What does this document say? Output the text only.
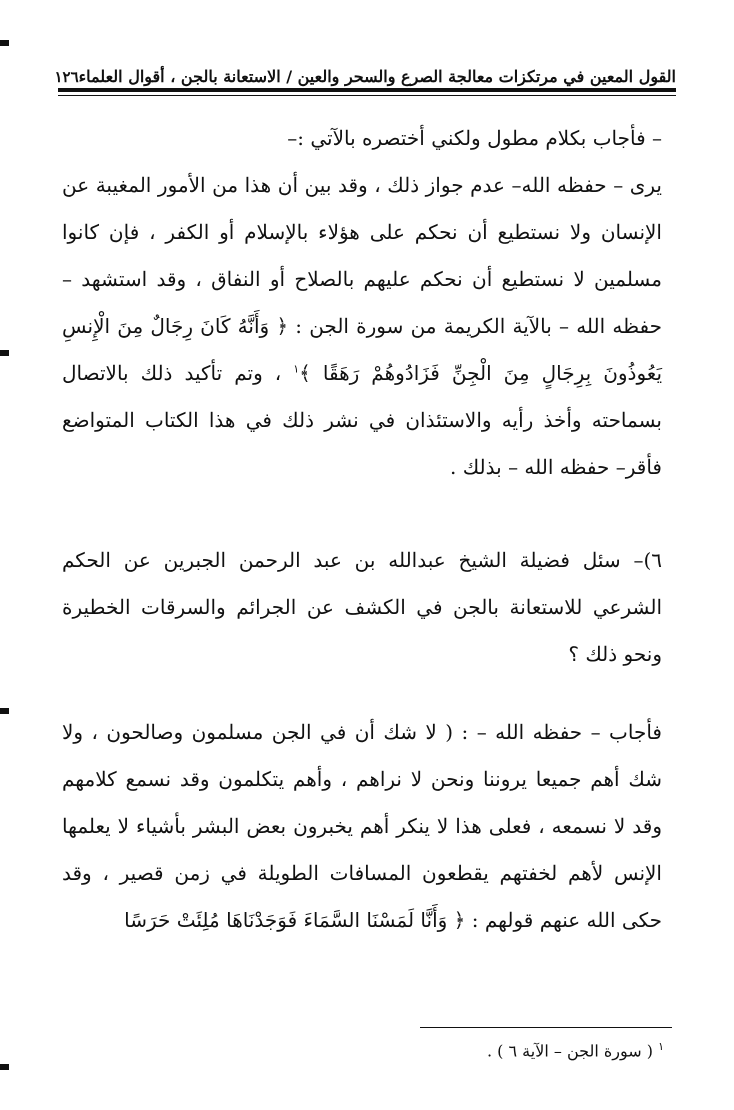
القول المعين في مرتكزات معالجة الصرع والسحر والعين / الاستعانة بالجن ، أقوال العلماء
١٢٦

– فأجاب بكلام مطول ولكني أختصره بالآتي :–

يرى – حفظه الله– عدم جواز ذلك ، وقد بين أن هذا من الأمور المغيبة عن الإنسان ولا نستطيع أن نحكم على هؤلاء بالإسلام أو الكفر ، فإن كانوا مسلمين لا نستطيع أن نحكم عليهم بالصلاح أو النفاق ، وقد استشهد – حفظه الله – بالآية الكريمة من سورة الجن : ﴿ وَأَنَّهُ كَانَ رِجَالٌ مِنَ الْإِنسِ يَعُوذُونَ بِرِجَالٍ مِنَ الْجِنِّ فَزَادُوهُمْ رَهَقًا ﴾$^١$ ، وتم تأكيد ذلك بالاتصال بسماحته وأخذ رأيه والاستئذان في نشر ذلك في هذا الكتاب المتواضع فأقر– حفظه الله – بذلك .

٦)– سئل فضيلة الشيخ عبدالله بن عبد الرحمن الجبرين عن الحكم الشرعي للاستعانة بالجن في الكشف عن الجرائم والسرقات الخطيرة ونحو ذلك ؟

فأجاب – حفظه الله – : ( لا شك أن في الجن مسلمون وصالحون ، ولا شك أهم جميعا يروننا ونحن لا نراهم ، وأهم يتكلمون وقد نسمع كلامهم وقد لا نسمعه ، فعلى هذا لا ينكر أهم يخبرون بعض البشر بأشياء لا يعلمها الإنس لأهم لخفتهم يقطعون المسافات الطويلة في زمن قصير ، وقد حكى الله عنهم قولهم : ﴿ وَأَنَّا لَمَسْنَا السَّمَاءَ فَوَجَدْنَاهَا مُلِئَتْ حَرَسًا

$^١$ ( سورة الجن – الآية ٦ ) .
